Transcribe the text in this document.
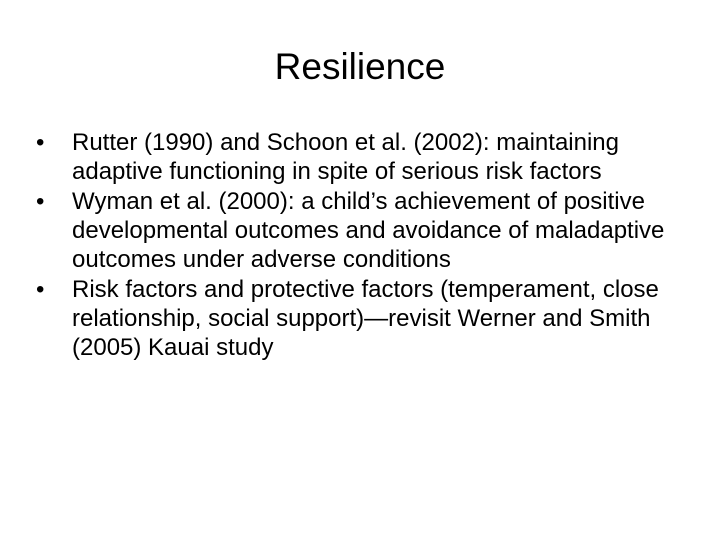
Resilience
•	Rutter (1990) and Schoon et al. (2002): maintaining adaptive functioning in spite of serious risk factors
•	Wyman et al. (2000): a child’s achievement of positive developmental outcomes and avoidance of maladaptive outcomes under adverse conditions
•	Risk factors and protective factors (temperament, close relationship, social support)—revisit Werner and Smith (2005) Kauai study
